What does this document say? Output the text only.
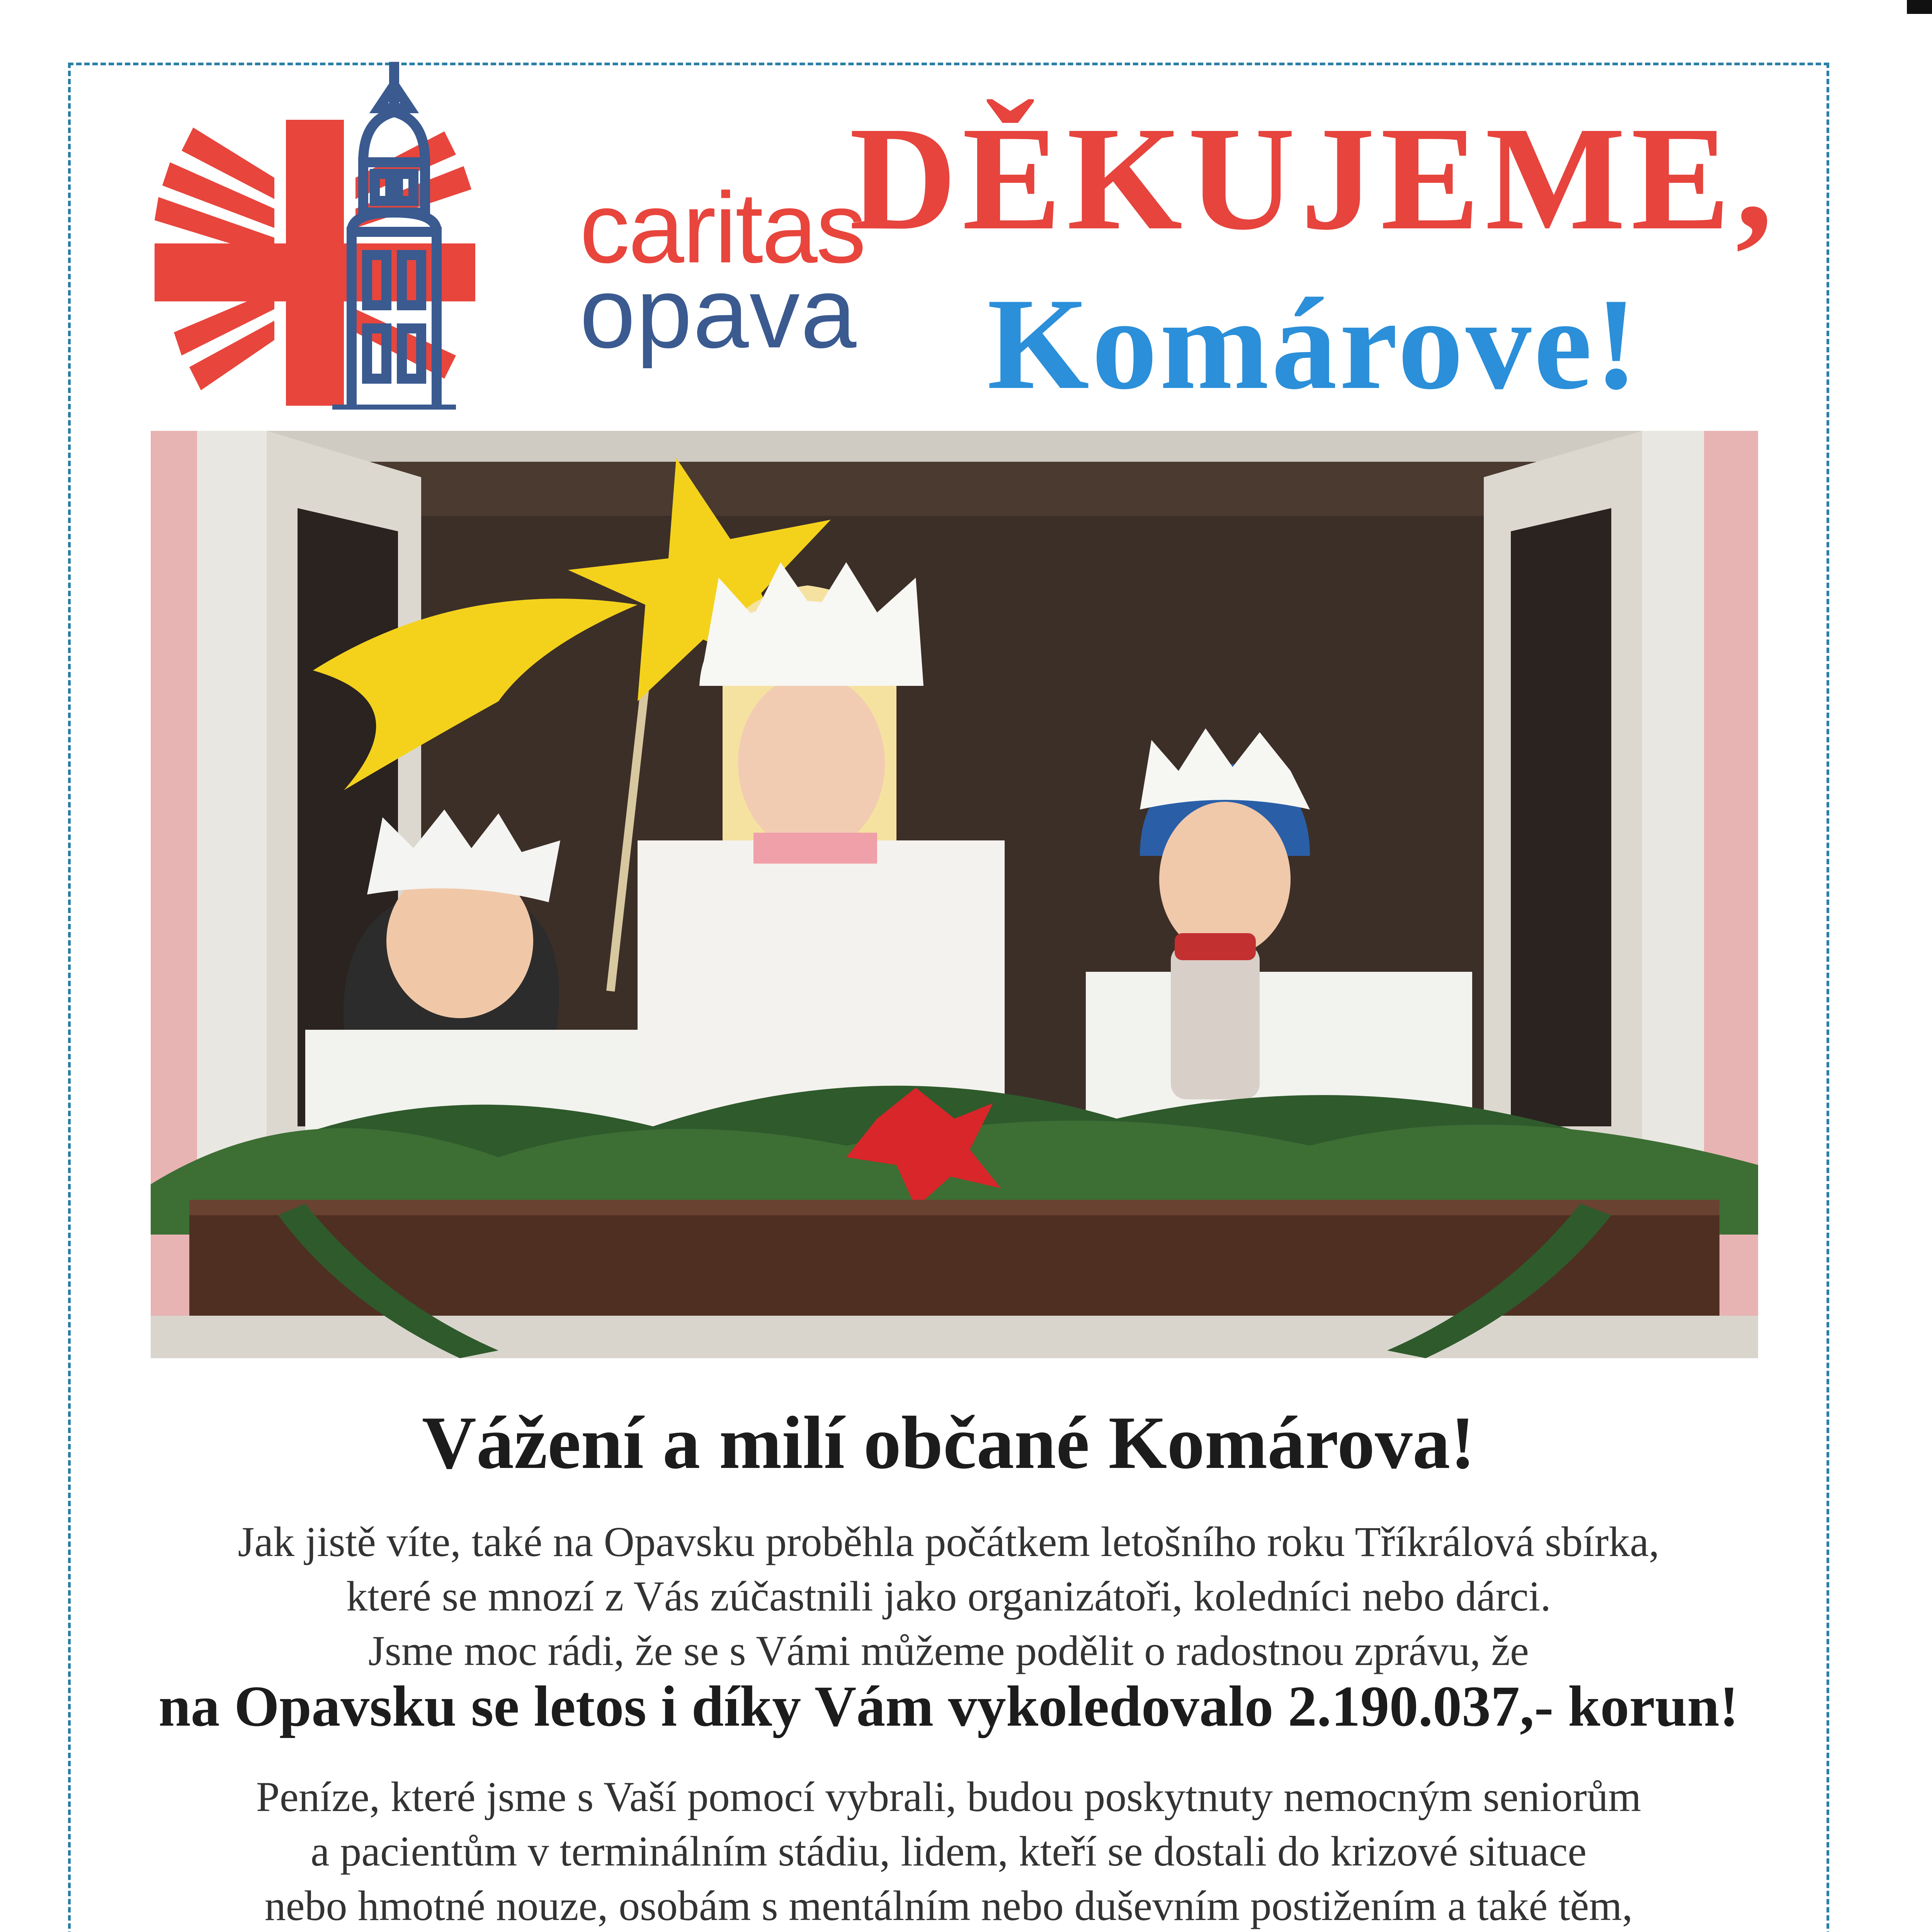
caritas
opava
DĚKUJEME,
Komárove!
Vážení a milí občané Komárova!
Jak jistě víte, také na Opavsku proběhla počátkem letošního roku Tříkrálová sbírka,
které se mnozí z Vás zúčastnili jako organizátoři, koledníci nebo dárci.
Jsme moc rádi, že se s Vámi můžeme podělit o radostnou zprávu, že
na Opavsku se letos i díky Vám vykoledovalo 2.190.037,- korun!
Peníze, které jsme s Vaší pomocí vybrali, budou poskytnuty nemocným seniorům
a pacientům v terminálním stádiu, lidem, kteří se dostali do krizové situace
nebo hmotné nouze, osobám s mentálním nebo duševním postižením a také těm,
